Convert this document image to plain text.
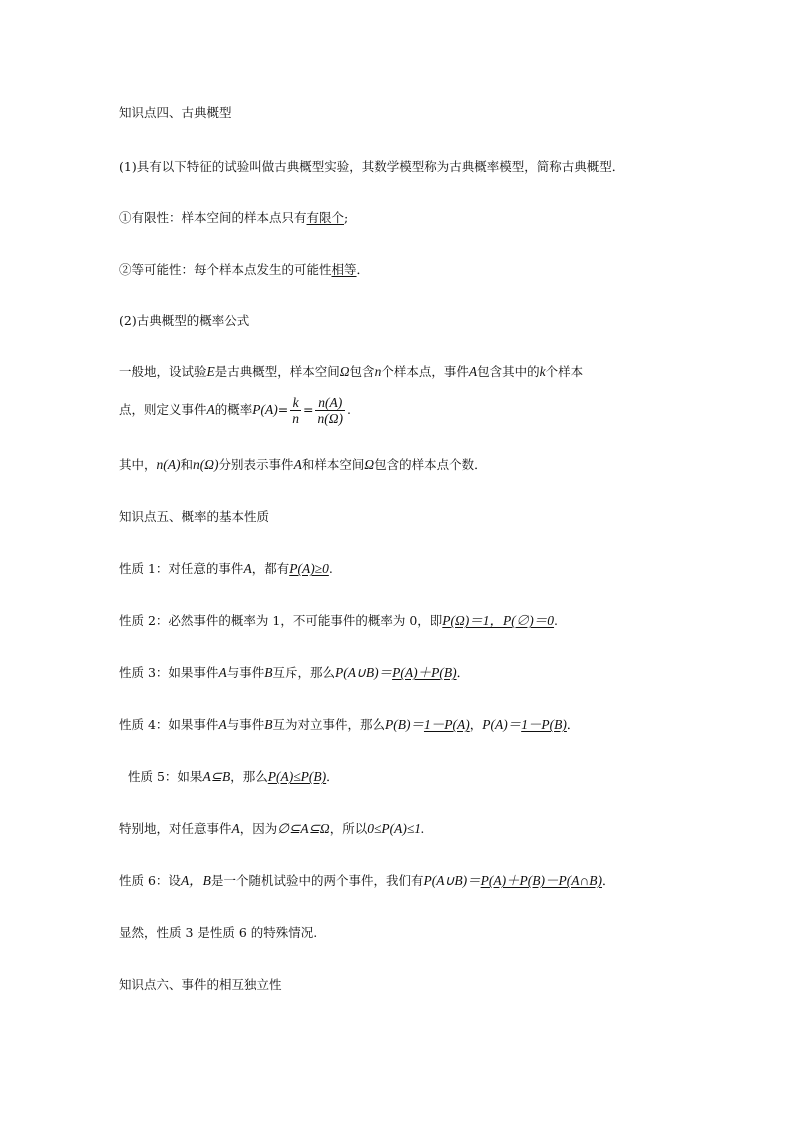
知识点四、古典概型
(1)具有以下特征的试验叫做古典概型实验，其数学模型称为古典概率模型，简称古典概型．
①有限性：样本空间的样本点只有有限个;
②等可能性：每个样本点发生的可能性相等．
(2)古典概型的概率公式
一般地，设试验E是古典概型，样本空间Ω包含n个样本点，事件A包含其中的k个样本
点，则定义事件A的概率$P(A)= \frac{k}{n} = \frac{n(A)}{n(\Omega)}$ .
其中，n(A)和n(Ω)分别表示事件A和样本空间Ω包含的样本点个数．
知识点五、概率的基本性质
性质 1：对任意的事件A，都有P(A)≥0.
性质 2：必然事件的概率为 1，不可能事件的概率为 0，即P(Ω)＝1，P(∅)＝0.
性质 3：如果事件A与事件B互斥，那么P(A∪B)＝P(A)＋P(B)．
性质 4：如果事件A与事件B互为对立事件，那么P(B)＝1－P(A)，P(A)＝1－P(B)．
性质 5：如果A⊆B，那么P(A)≤P(B)．
特别地，对任意事件A，因为∅⊆A⊆Ω，所以0≤P(A)≤1.
性质 6：设A，B是一个随机试验中的两个事件，我们有P(A∪B)＝P(A)＋P(B)－P(A∩B)．
显然，性质 3 是性质 6 的特殊情况.
知识点六、事件的相互独立性
